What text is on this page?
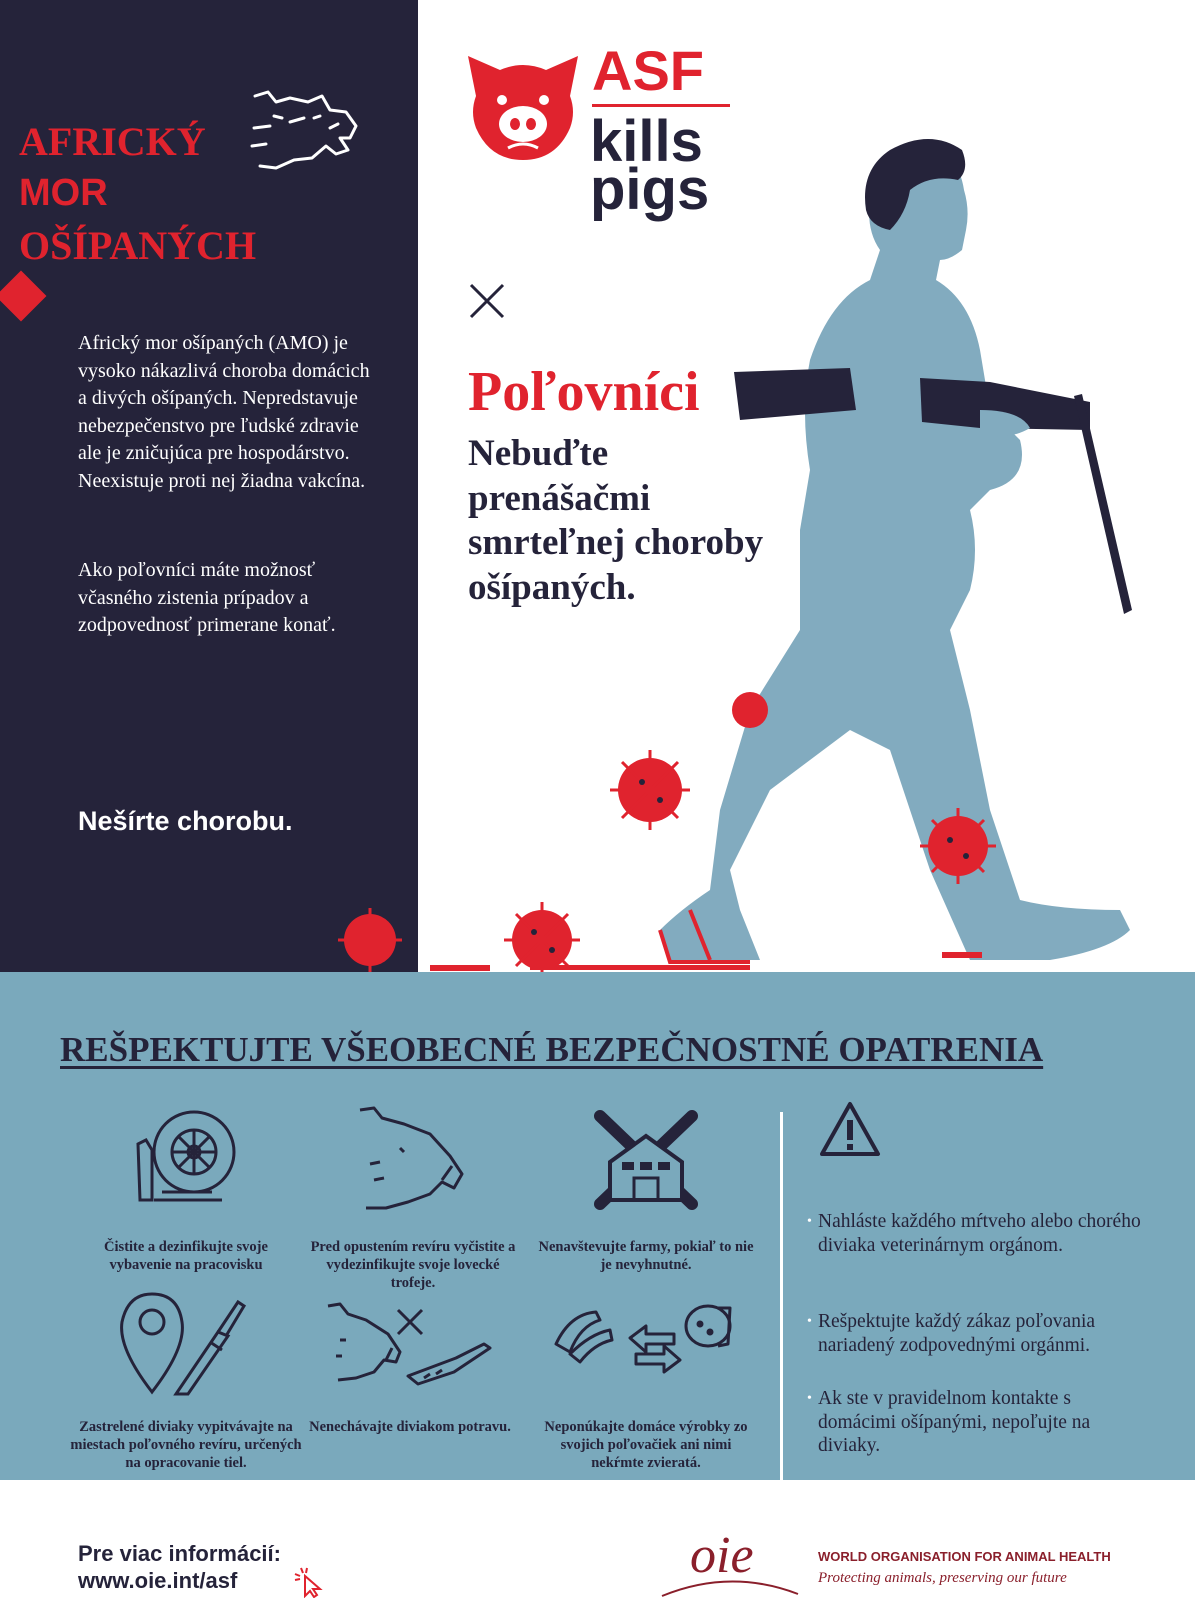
AFRICKÝ
MOR
OŠÍPANÝCH

Africký mor ošípaných (AMO) je vysoko nákazlivá choroba domácich a divých ošípaných. Nepredstavuje nebezpečenstvo pre ľudské zdravie ale je zničujúca pre hospodárstvo. Neexistuje proti nej žiadna vakcína.

Ako poľovníci máte možnosť včasného zistenia prípadov a zodpovednosť primerane konať.

Nešírte chorobu.
ASF
kills
pigs
Poľovníci
Nebuďte prenášačmi smrteľnej choroby ošípaných.
REŠPEKTUJTE VŠEOBECNÉ BEZPEČNOSTNÉ OPATRENIA
Čistite a dezinfikujte svoje vybavenie na pracovisku
Pred opustením revíru vyčistite a vydezinfikujte svoje lovecké trofeje.
Nenavštevujte farmy, pokiaľ to nie je nevyhnutné.
Zastrelené diviaky vypitvávajte na miestach poľovného revíru, určených na opracovanie tiel.
Nenechávajte diviakom potravu.	Neponúkajte domáce výrobky zo svojich poľovačiek ani nimi nekŕmte zvieratá.
• Nahláste každého mŕtveho alebo chorého diviaka veterinárnym orgánom.
• Rešpektujte každý zákaz poľovania nariadený zodpovednými orgánmi.
• Ak ste v pravidelnom kontakte s domácimi ošípanými, nepoľujte na diviaky.
Pre viac informácií:
www.oie.int/asf	oie	WORLD ORGANISATION FOR ANIMAL HEALTH
Protecting animals, preserving our future
